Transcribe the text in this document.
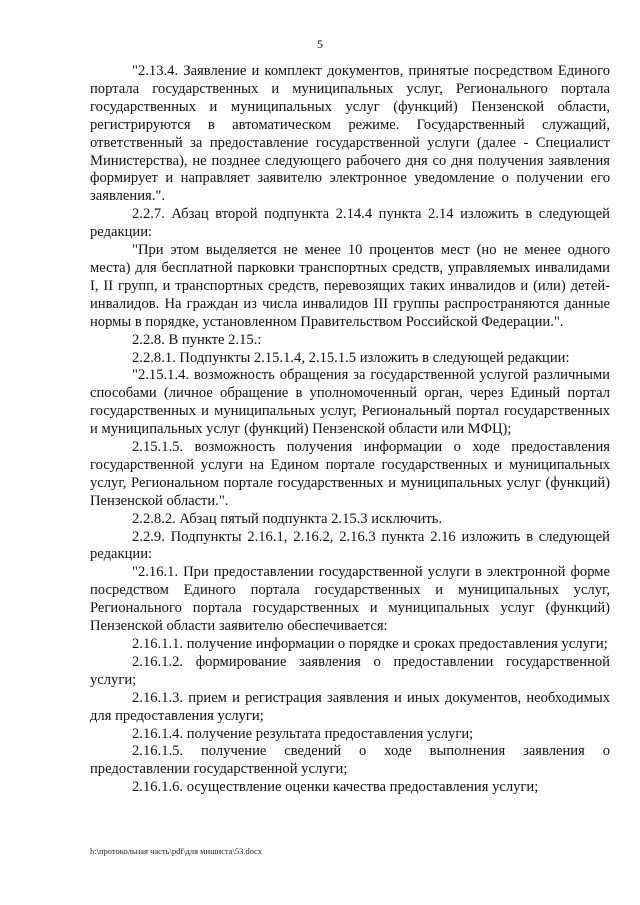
5

"2.13.4. Заявление и комплект документов, принятые посредством Единого портала государственных и муниципальных услуг, Регионального портала государственных и муниципальных услуг (функций) Пензенской области, регистрируются в автоматическом режиме. Государственный служащий, ответственный за предоставление государственной услуги (далее - Специалист Министерства), не позднее следующего рабочего дня со дня получения заявления формирует и направляет заявителю электронное уведомление о получении его заявления.".

2.2.7. Абзац второй подпункта 2.14.4 пункта 2.14 изложить в следующей редакции:

"При этом выделяется не менее 10 процентов мест (но не менее одного места) для бесплатной парковки транспортных средств, управляемых инвалидами I, II групп, и транспортных средств, перевозящих таких инвалидов и (или) детей-инвалидов. На граждан из числа инвалидов III группы распространяются данные нормы в порядке, установленном Правительством Российской Федерации.".

2.2.8. В пункте 2.15.:

2.2.8.1. Подпункты 2.15.1.4, 2.15.1.5 изложить в следующей редакции:

"2.15.1.4. возможность обращения за государственной услугой различными способами (личное обращение в уполномоченный орган, через Единый портал государственных и муниципальных услуг, Региональный портал государственных и муниципальных услуг (функций) Пензенской области или МФЦ);

2.15.1.5. возможность получения информации о ходе предоставления государственной услуги на Едином портале государственных и муниципальных услуг, Региональном портале государственных и муниципальных услуг (функций) Пензенской области.".

2.2.8.2. Абзац пятый подпункта 2.15.3 исключить.

2.2.9. Подпункты 2.16.1, 2.16.2, 2.16.3 пункта 2.16 изложить в следующей редакции:

"2.16.1. При предоставлении государственной услуги в электронной форме посредством Единого портала государственных и муниципальных услуг, Регионального портала государственных и муниципальных услуг (функций) Пензенской области заявителю обеспечивается:

2.16.1.1. получение информации о порядке и сроках предоставления услуги;

2.16.1.2. формирование заявления о предоставлении государственной услуги;

2.16.1.3. прием и регистрация заявления и иных документов, необходимых для предоставления услуги;

2.16.1.4. получение результата предоставления услуги;

2.16.1.5. получение сведений о ходе выполнения заявления о предоставлении государственной услуги;

2.16.1.6. осуществление оценки качества предоставления услуги;

h:\протокольная часть\pdf\для мишиста\53.docx
